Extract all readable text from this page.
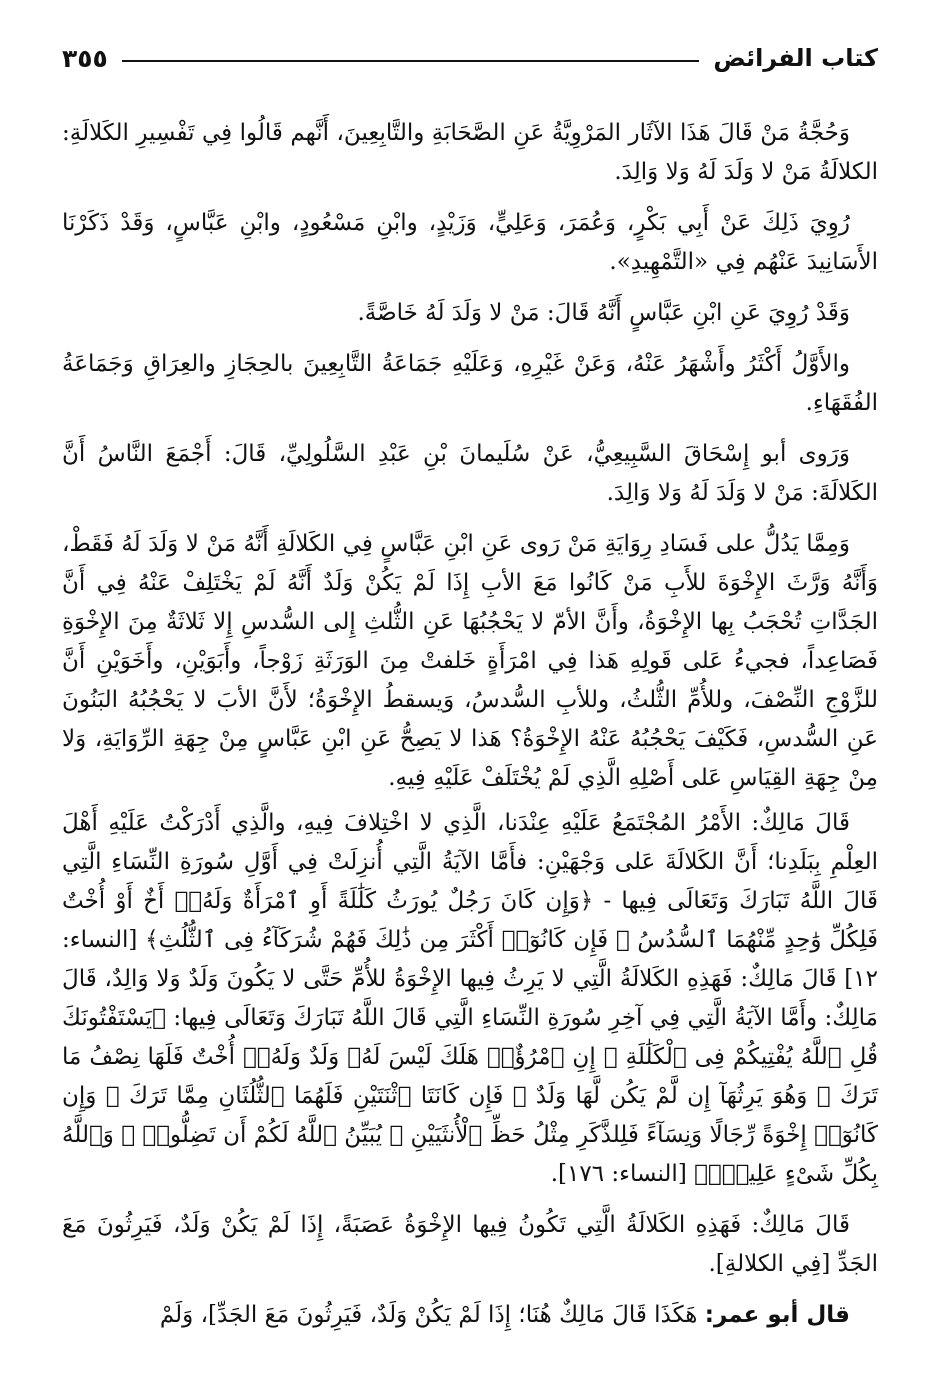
كتاب الفرائض
٣٥٥

وَحُجَّةُ مَنْ قَالَ هَذَا الآثَار المَرْوِيَّةُ عَنِ الصَّحَابَةِ والتَّابِعِينَ، أَنَّهم قَالُوا فِي تَفْسِيرِ الكَلالَةِ: الكلالَةُ مَنْ لا وَلَدَ لَهُ وَلا وَالِدَ.

رُوِيَ ذَلِكَ عَنْ أَبِي بَكْرٍ، وَعُمَرَ، وَعَلِيٍّ، وَزَيْدٍ، وابْنِ مَسْعُودٍ، وابْنِ عَبَّاسٍ، وَقَدْ ذَكَرْنَا الأَسَانِيدَ عَنْهُم فِي «التَّمْهِيدِ».

وَقَدْ رُوِيَ عَنِ ابْنِ عَبَّاسٍ أَنَّهُ قَالَ: مَنْ لا وَلَدَ لَهُ خَاصَّةً.

والأَوَّلُ أَكْثَرُ وأَشْهَرُ عَنْهُ، وَعَنْ غَيْرِهِ، وَعَلَيْهِ جَمَاعَةُ التَّابِعِينَ بالحِجَازِ والعِرَاقِ وَجَمَاعَةُ الفُقَهَاءِ.

وَرَوى أبو إِسْحَاقَ السَّبِيعِيُّ، عَنْ سُلَيمانَ بْنِ عَبْدِ السَّلُولِيِّ، قَالَ: أَجْمَعَ النَّاسُ أَنَّ الكَلالَةَ: مَنْ لا وَلَدَ لَهُ وَلا وَالِدَ.

وَمِمَّا يَدُلُّ على فَسَادِ رِوَايَةِ مَنْ رَوى عَنِ ابْنِ عَبَّاسٍ فِي الكَلالَةِ أَنَّهُ مَنْ لا وَلَدَ لَهُ فَقَطْ، وَأَنَّهُ وَرَّثَ الإِخْوَةَ للأَبِ مَنْ كَانُوا مَعَ الأبِ إِذَا لَمْ يَكُنْ وَلَدٌ أَنَّهُ لَمْ يَخْتَلِفْ عَنْهُ فِي أَنَّ الجَدَّاتِ تُحْجَبُ بِها الإِخْوَةُ، وأَنَّ الأمّ لا يَحْجُبُهَا عَنِ الثُّلثِ إِلى السُّدسِ إِلا ثَلاثَةٌ مِنَ الإِخْوَةِ فَصَاعِداً، فجيءُ عَلى قَولِهِ هَذا فِي امْرَأَةٍ خَلفتْ مِنَ الوَرَثَةِ زَوْجاً، وأَبَوَيْنِ، وأَخَوَيْنِ أَنَّ للزَّوْجِ النِّصْفَ، وللأُمِّ الثُّلثُ، وللأبِ السُّدسُ، وَيسقطُ الإِخْوَةُ؛ لأَنَّ الأبَ لا يَحْجُبُهُ البَنُونَ عَنِ السُّدسِ، فَكَيْفَ يَحْجُبُهُ عَنْهُ الإِخْوَةُ؟ هَذا لا يَصِحُّ عَنِ ابْنِ عَبَّاسٍ مِنْ جِهَةِ الرِّوَايَةِ، وَلا مِنْ جِهَةِ القِيَاسِ عَلى أَصْلِهِ الَّذِي لَمْ يُخْتَلَفْ عَلَيْهِ فِيهِ.

قَالَ مَالِكٌ: الأَمْرُ المُجْتَمَعُ عَلَيْهِ عِنْدَنا، الَّذِي لا اخْتِلافَ فِيهِ، والَّذِي أَدْرَكْتُ عَلَيْهِ أَهْلَ العِلْمِ بِبَلَدِنا؛ أَنَّ الكَلالَةَ عَلى وَجْهَيْنِ: فأَمَّا الآيَةُ الَّتِي أُنزِلَتْ فِي أَوَّلِ سُورَةِ النِّسَاءِ الَّتِي قَالَ اللَّهُ تَبَارَكَ وَتَعَالَى فِيها - ﴿وَإِن كَانَ رَجُلٌ يُورَثُ كَلَٰلَةً أَوِ ٱمْرَأَةٌ وَلَهُۥٓ أَخٌ أَوْ أُخْتٌ فَلِكُلِّ وَٰحِدٍ مِّنْهُمَا ٱلسُّدُسُ ۚ فَإِن كَانُوٓا۟ أَكْثَرَ مِن ذَٰلِكَ فَهُمْ شُرَكَآءُ فِى ٱلثُّلُثِ﴾ [النساء: ١٢] قَالَ مَالِكٌ: فَهَذِهِ الكَلالَةُ الَّتِي لا يَرِثُ فِيها الإِخْوَةُ للأُمِّ حَتَّى لا يَكُونَ وَلَدٌ وَلا وَالِدٌ، قَالَ مَالِكٌ: وأَمَّا الآيَةُ الَّتِي فِي آخِرِ سُورَةِ النِّسَاءِ الَّتِي قَالَ اللَّهُ تَبَارَكَ وَتَعَالَى فِيها: ﴿يَسْتَفْتُونَكَ قُلِ ٱللَّهُ يُفْتِيكُمْ فِى ٱلْكَلَٰلَةِ ۚ إِنِ ٱمْرُؤٌا۟ هَلَكَ لَيْسَ لَهُۥ وَلَدٌ وَلَهُۥٓ أُخْتٌ فَلَهَا نِصْفُ مَا تَرَكَ ۚ وَهُوَ يَرِثُهَآ إِن لَّمْ يَكُن لَّهَا وَلَدٌ ۚ فَإِن كَانَتَا ٱثْنَتَيْنِ فَلَهُمَا ٱلثُّلُثَانِ مِمَّا تَرَكَ ۚ وَإِن كَانُوٓا۟ إِخْوَةً رِّجَالًا وَنِسَآءً فَلِلذَّكَرِ مِثْلُ حَظِّ ٱلْأُنثَيَيْنِ ۗ يُبَيِّنُ ٱللَّهُ لَكُمْ أَن تَضِلُّوا۟ ۗ وَٱللَّهُ بِكُلِّ شَىْءٍ عَلِيمٌۢ﴾ [النساء: ١٧٦].

قَالَ مَالِكٌ: فَهَذِهِ الكَلالَةُ الَّتِي تَكُونُ فِيها الإِخْوَةُ عَصَبَةً، إِذَا لَمْ يَكُنْ وَلَدٌ، فَيَرِثُونَ مَعَ الجَدِّ [فِي الكلالةِ].

قال أبو عمر: هَكَذَا قَالَ مَالِكٌ هُنَا؛ إِذَا لَمْ يَكُنْ وَلَدٌ، فَيَرِثُونَ مَعَ الجَدِّ]، وَلَمْ
